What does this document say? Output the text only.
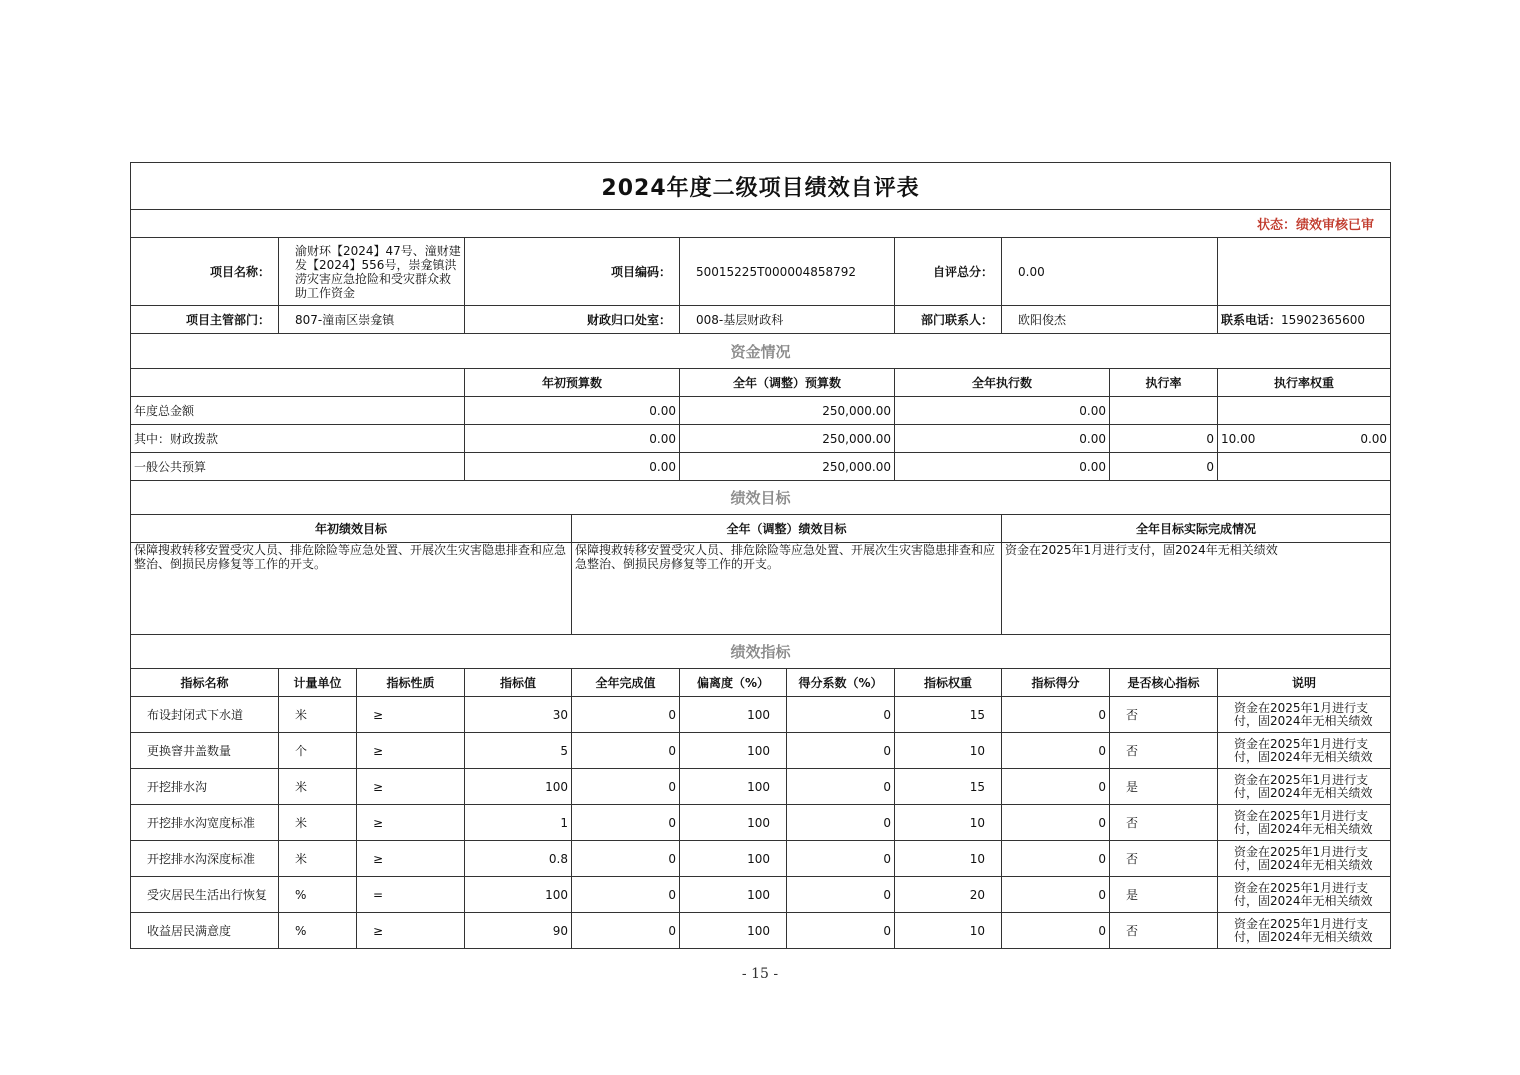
2024年度二级项目绩效自评表										
状态：绩效审核已审										
项目名称：	渝财环【2024】47号、潼财建发【2024】556号，崇龛镇洪涝灾害应急抢险和受灾群众救助工作资金		项目编码：		50015225T000004858792		自评总分：	0.00		
项目主管部门：	807-潼南区崇龛镇		财政归口处室：		008-基层财政科		部门联系人：	欧阳俊杰		联系电话：15902365600
资金情况										
			年初预算数		全年（调整）预算数		全年执行数		执行率	执行率权重
年度总金额			0.00		250,000.00		0.00			
其中：财政拨款			0.00		250,000.00		0.00		0	10.00 0.00

一般公共预算			0.00		250,000.00		0.00		0	
绩效目标										
年初绩效目标				全年（调整）绩效目标				全年目标实际完成情况		
保障搜救转移安置受灾人员、排危除险等应急处置、开展次生灾害隐患排查和应急整治、倒损民房修复等工作的开支。				保障搜救转移安置受灾人员、排危除险等应急处置、开展次生灾害隐患排查和应急整治、倒损民房修复等工作的开支。				资金在2025年1月进行支付，固2024年无相关绩效		
绩效指标										
指标名称	计量单位	指标性质	指标值	全年完成值	偏离度（%）	得分系数（%）	指标权重	指标得分	是否核心指标	说明
布设封闭式下水道	米	≥	30	0	100	0	15	0	否	资金在2025年1月进行支付，固2024年无相关绩效
更换窨井盖数量	个	≥	5	0	100	0	10	0	否	资金在2025年1月进行支付，固2024年无相关绩效
开挖排水沟	米	≥	100	0	100	0	15	0	是	资金在2025年1月进行支付，固2024年无相关绩效
开挖排水沟宽度标准	米	≥	1	0	100	0	10	0	否	资金在2025年1月进行支付，固2024年无相关绩效
开挖排水沟深度标准	米	≥	0.8	0	100	0	10	0	否	资金在2025年1月进行支付，固2024年无相关绩效
受灾居民生活出行恢复	%	=	100	0	100	0	20	0	是	资金在2025年1月进行支付，固2024年无相关绩效
收益居民满意度	%	≥	90	0	100	0	10	0	否	资金在2025年1月进行支付，固2024年无相关绩效
- 15 -
